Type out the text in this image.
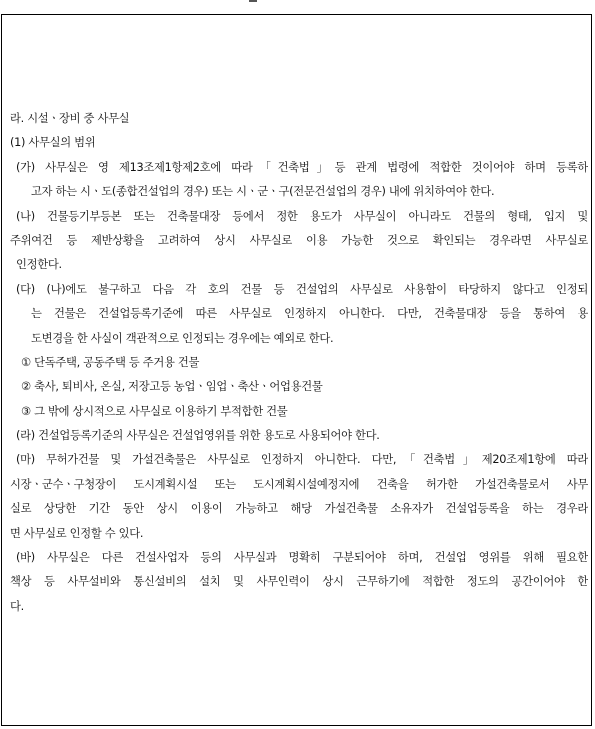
라. 시설ㆍ장비 중 사무실
(1) 사무실의 범위
(가) 사무실은 영 제13조제1항제2호에 따라「건축법」등 관계 법령에 적합한 것이어야 하며 등록하
고자 하는 시ㆍ도(종합건설업의 경우) 또는 시ㆍ군ㆍ구(전문건설업의 경우) 내에 위치하여야 한다.
(나) 건물등기부등본 또는 건축물대장 등에서 정한 용도가 사무실이 아니라도 건물의 형태, 입지 및
주위여건 등 제반상황을 고려하여 상시 사무실로 이용 가능한 것으로 확인되는 경우라면 사무실로
인정한다.
(다) (나)에도 불구하고 다음 각 호의 건물 등 건설업의 사무실로 사용함이 타당하지 않다고 인정되
는 건물은 건설업등록기준에 따른 사무실로 인정하지 아니한다. 다만, 건축물대장 등을 통하여 용
도변경을 한 사실이 객관적으로 인정되는 경우에는 예외로 한다.
① 단독주택, 공동주택 등 주거용 건물
② 축사, 퇴비사, 온실, 저장고등 농업ㆍ임업ㆍ축산ㆍ어업용건물
③ 그 밖에 상시적으로 사무실로 이용하기 부적합한 건물
(라) 건설업등록기준의 사무실은 건설업영위를 위한 용도로 사용되어야 한다.
(마) 무허가건물 및 가설건축물은 사무실로 인정하지 아니한다. 다만,「건축법」제20조제1항에 따라
시장ㆍ군수ㆍ구청장이 도시계획시설 또는 도시계획시설예정지에 건축을 허가한 가설건축물로서 사무
실로 상당한 기간 동안 상시 이용이 가능하고 해당 가설건축물 소유자가 건설업등록을 하는 경우라
면 사무실로 인정할 수 있다.
(바) 사무실은 다른 건설사업자 등의 사무실과 명확히 구분되어야 하며, 건설업 영위를 위해 필요한
책상 등 사무설비와 통신설비의 설치 및 사무인력이 상시 근무하기에 적합한 정도의 공간이어야 한
다.
